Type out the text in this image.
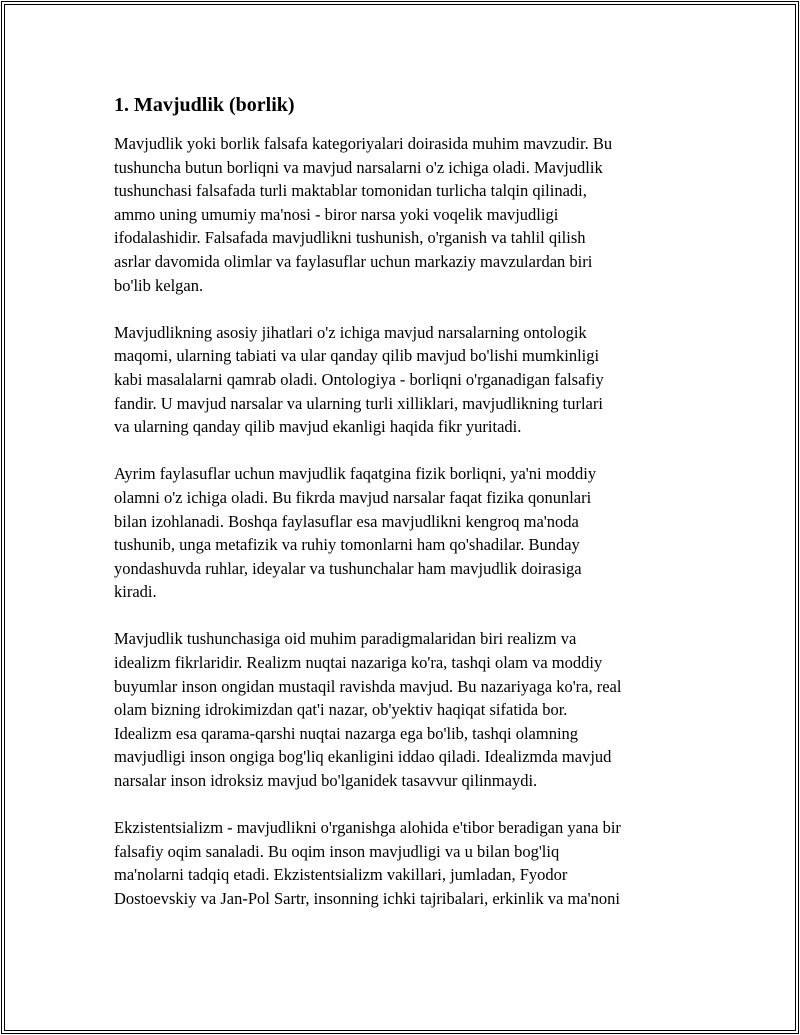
1. Mavjudlik (borlik)

Mavjudlik yoki borlik falsafa kategoriyalari doirasida muhim mavzudir. Bu
tushuncha butun borliqni va mavjud narsalarni o'z ichiga oladi. Mavjudlik
tushunchasi falsafada turli maktablar tomonidan turlicha talqin qilinadi,
ammo uning umumiy ma'nosi - biror narsa yoki voqelik mavjudligi
ifodalashidir. Falsafada mavjudlikni tushunish, o'rganish va tahlil qilish
asrlar davomida olimlar va faylasuflar uchun markaziy mavzulardan biri
bo'lib kelgan.

Mavjudlikning asosiy jihatlari o'z ichiga mavjud narsalarning ontologik
maqomi, ularning tabiati va ular qanday qilib mavjud bo'lishi mumkinligi
kabi masalalarni qamrab oladi. Ontologiya - borliqni o'rganadigan falsafiy
fandir. U mavjud narsalar va ularning turli xilliklari, mavjudlikning turlari
va ularning qanday qilib mavjud ekanligi haqida fikr yuritadi.

Ayrim faylasuflar uchun mavjudlik faqatgina fizik borliqni, ya'ni moddiy
olamni o'z ichiga oladi. Bu fikrda mavjud narsalar faqat fizika qonunlari
bilan izohlanadi. Boshqa faylasuflar esa mavjudlikni kengroq ma'noda
tushunib, unga metafizik va ruhiy tomonlarni ham qo'shadilar. Bunday
yondashuvda ruhlar, ideyalar va tushunchalar ham mavjudlik doirasiga
kiradi.

Mavjudlik tushunchasiga oid muhim paradigmalaridan biri realizm va
idealizm fikrlaridir. Realizm nuqtai nazariga ko'ra, tashqi olam va moddiy
buyumlar inson ongidan mustaqil ravishda mavjud. Bu nazariyaga ko'ra, real
olam bizning idrokimizdan qat'i nazar, ob'yektiv haqiqat sifatida bor.
Idealizm esa qarama-qarshi nuqtai nazarga ega bo'lib, tashqi olamning
mavjudligi inson ongiga bog'liq ekanligini iddao qiladi. Idealizmda mavjud
narsalar inson idroksiz mavjud bo'lganidek tasavvur qilinmaydi.

Ekzistentsializm - mavjudlikni o'rganishga alohida e'tibor beradigan yana bir
falsafiy oqim sanaladi. Bu oqim inson mavjudligi va u bilan bog'liq
ma'nolarni tadqiq etadi. Ekzistentsializm vakillari, jumladan, Fyodor
Dostoevskiy va Jan-Pol Sartr, insonning ichki tajribalari, erkinlik va ma'noni
